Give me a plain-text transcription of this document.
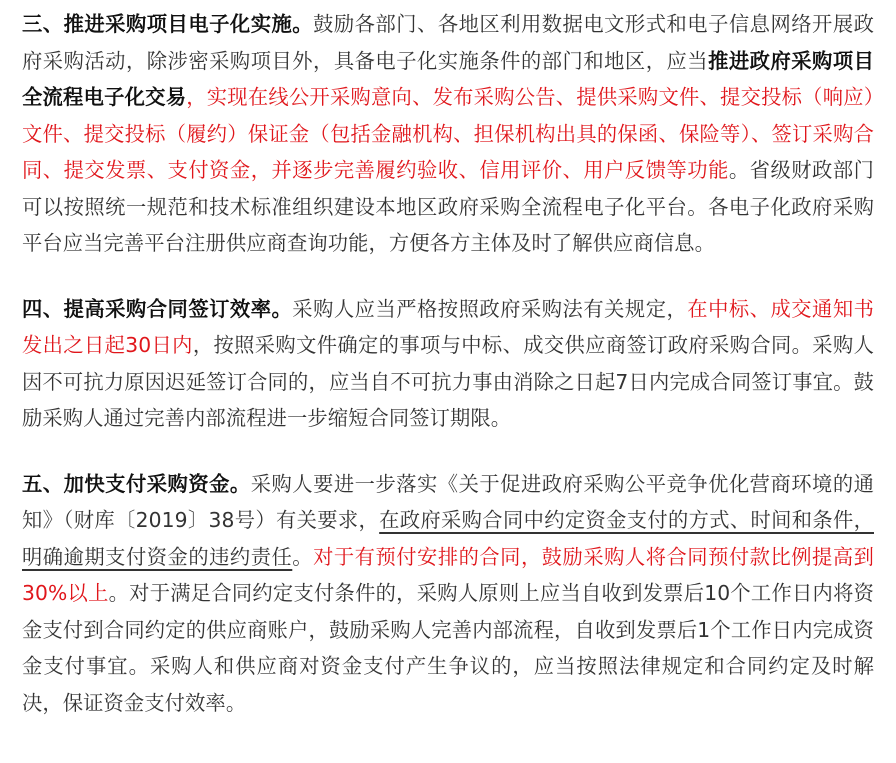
三、推进采购项目电子化实施。鼓励各部门、各地区利用数据电文形式和电子信息网络开展政府采购活动，除涉密采购项目外，具备电子化实施条件的部门和地区，应当推进政府采购项目全流程电子化交易，实现在线公开采购意向、发布采购公告、提供采购文件、提交投标（响应）文件、提交投标（履约）保证金（包括金融机构、担保机构出具的保函、保险等）、签订采购合同、提交发票、支付资金，并逐步完善履约验收、信用评价、用户反馈等功能。省级财政部门可以按照统一规范和技术标准组织建设本地区政府采购全流程电子化平台。各电子化政府采购平台应当完善平台注册供应商查询功能，方便各方主体及时了解供应商信息。

四、提高采购合同签订效率。采购人应当严格按照政府采购法有关规定，在中标、成交通知书发出之日起30日内，按照采购文件确定的事项与中标、成交供应商签订政府采购合同。采购人因不可抗力原因迟延签订合同的，应当自不可抗力事由消除之日起7日内完成合同签订事宜。鼓励采购人通过完善内部流程进一步缩短合同签订期限。

五、加快支付采购资金。采购人要进一步落实《关于促进政府采购公平竞争优化营商环境的通知》（财库〔2019〕38号）有关要求，在政府采购合同中约定资金支付的方式、时间和条件，明确逾期支付资金的违约责任。对于有预付安排的合同，鼓励采购人将合同预付款比例提高到30%以上。对于满足合同约定支付条件的，采购人原则上应当自收到发票后10个工作日内将资金支付到合同约定的供应商账户，鼓励采购人完善内部流程，自收到发票后1个工作日内完成资金支付事宜。采购人和供应商对资金支付产生争议的，应当按照法律规定和合同约定及时解决，保证资金支付效率。
